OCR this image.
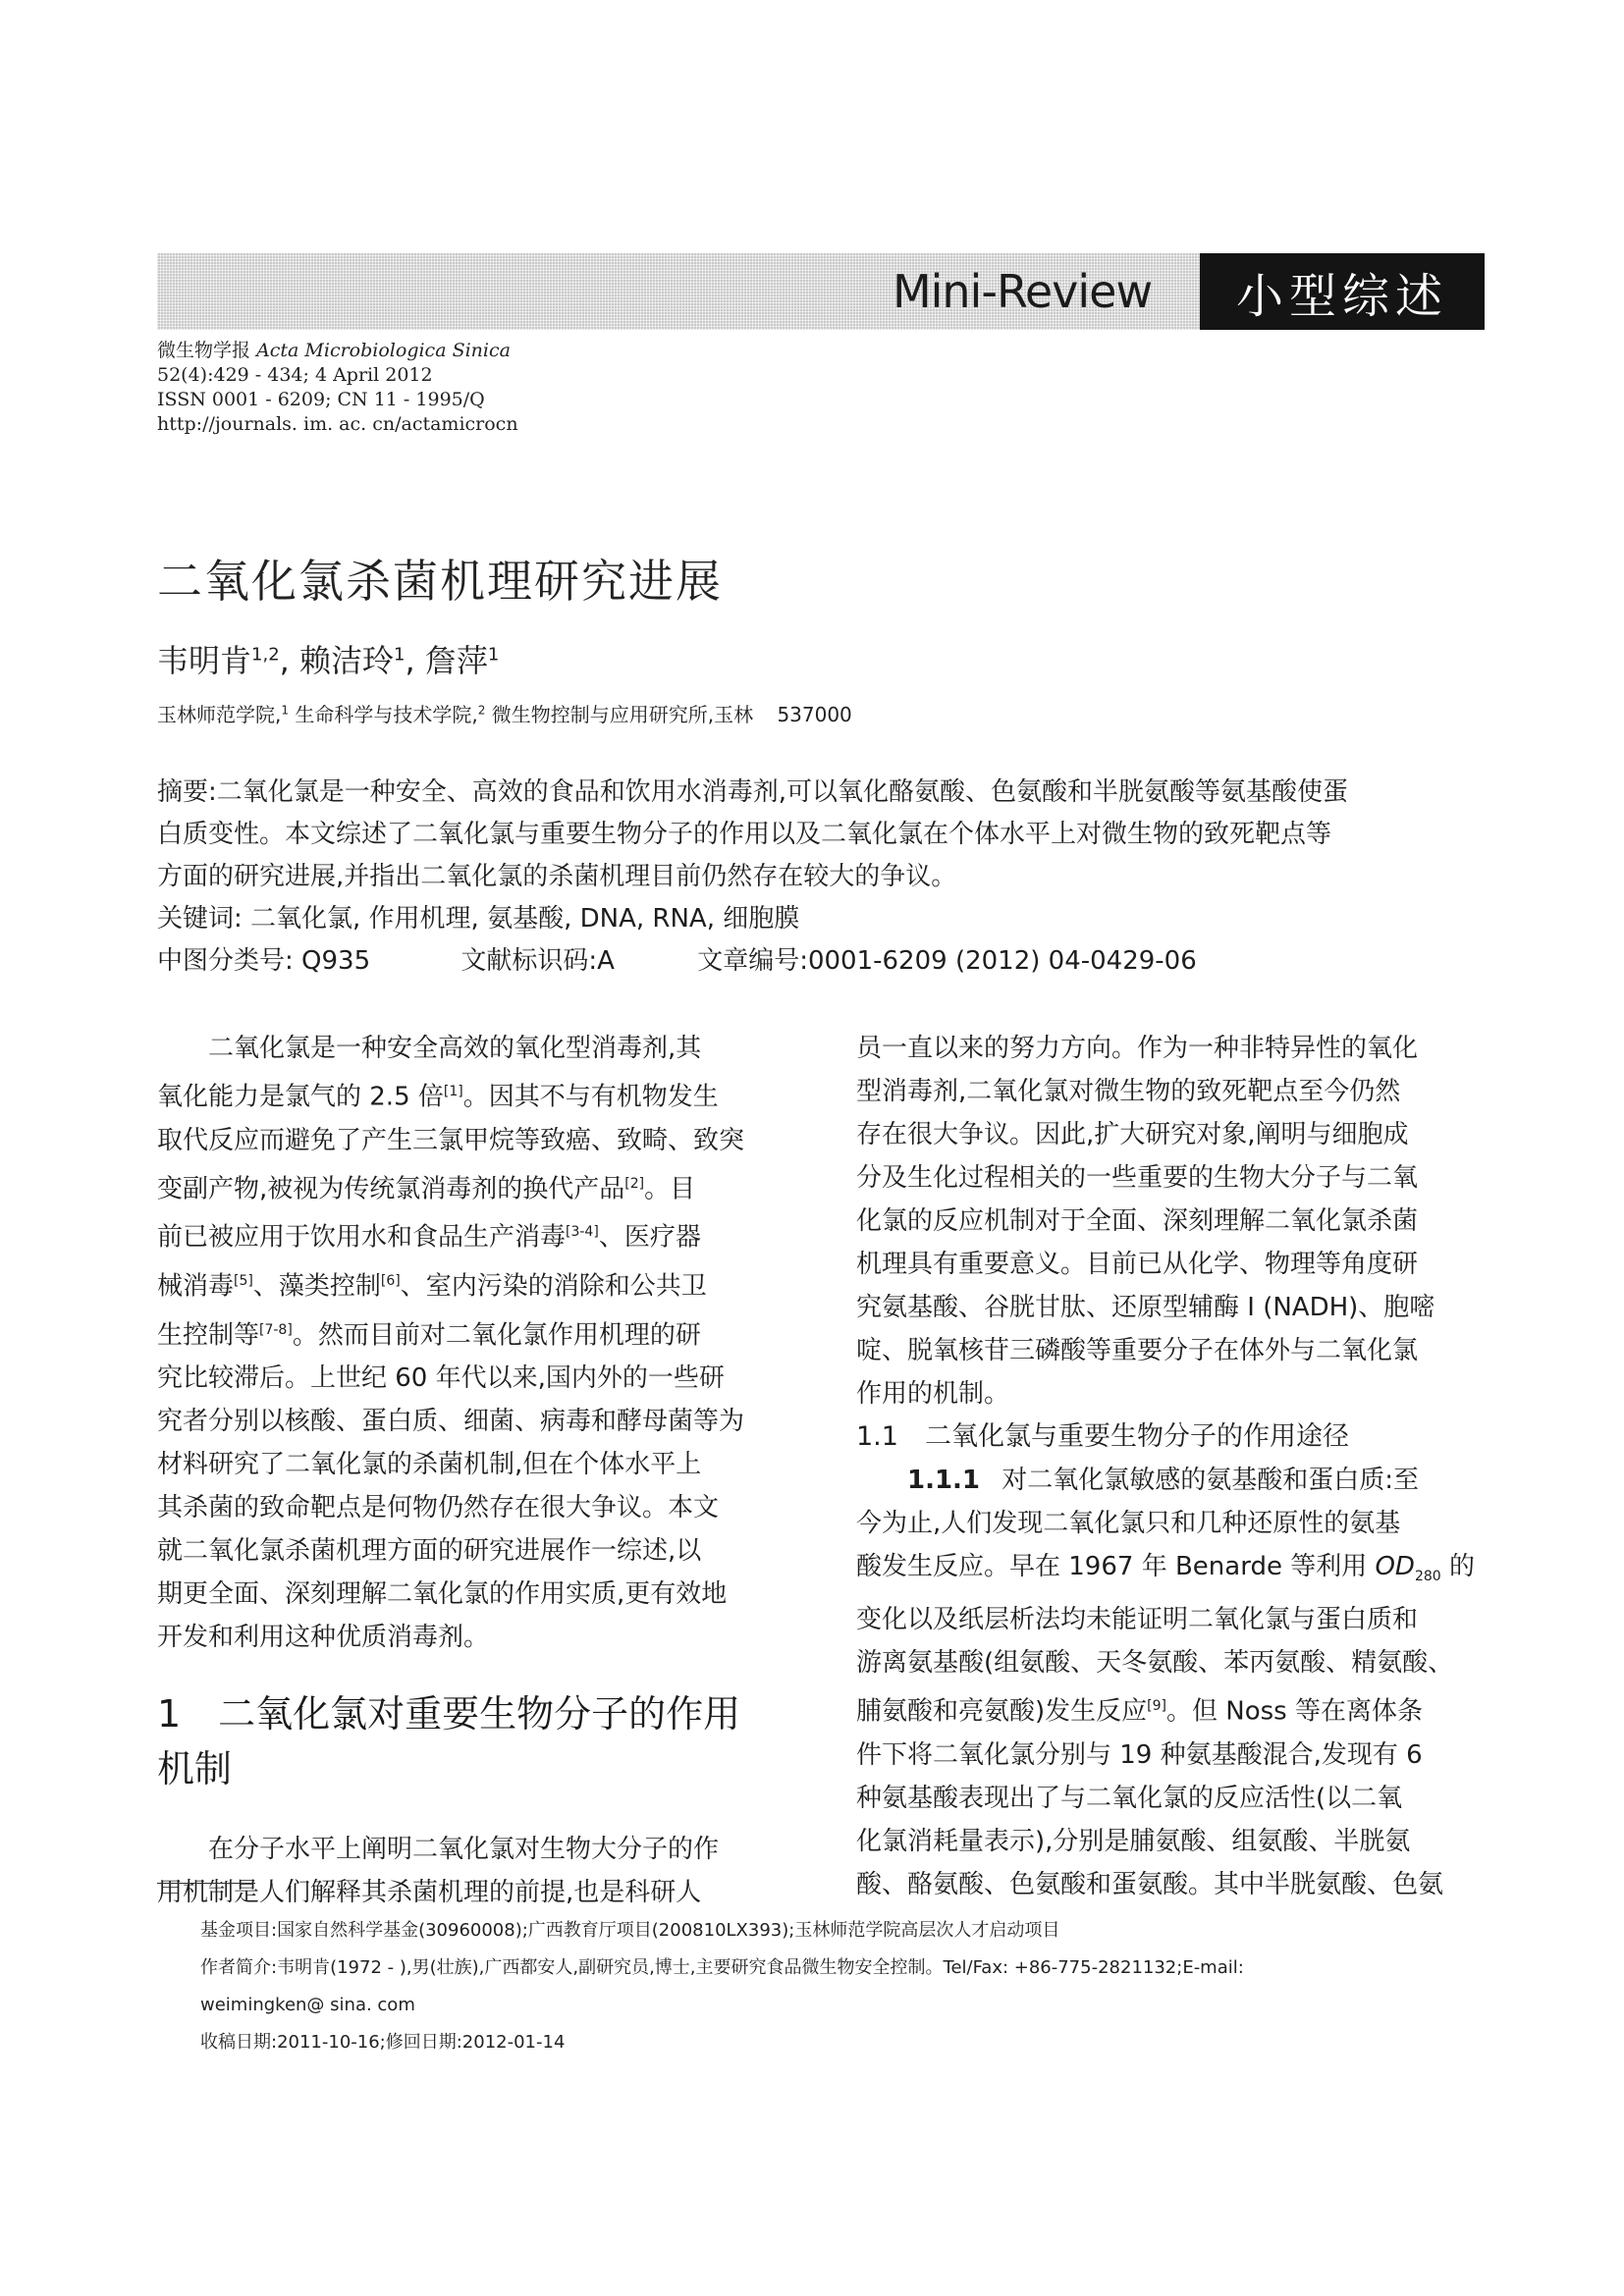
Mini-Review	小型综述
微生物学报 Acta Microbiologica Sinica
52(4):429 - 434; 4 April 2012
ISSN 0001 - 6209; CN 11 - 1995/Q
http://journals. im. ac. cn/actamicrocn
二氧化氯杀菌机理研究进展
韦明肯$^{1,2}$, 赖洁玲$^1$, 詹萍$^1$
玉林师范学院,$^1$ 生命科学与技术学院,$^2$ 微生物控制与应用研究所,玉林 537000
摘要:二氧化氯是一种安全、高效的食品和饮用水消毒剂,可以氧化酪氨酸、色氨酸和半胱氨酸等氨基酸使蛋
白质变性。本文综述了二氧化氯与重要生物分子的作用以及二氧化氯在个体水平上对微生物的致死靶点等
方面的研究进展,并指出二氧化氯的杀菌机理目前仍然存在较大的争议。
关键词: 二氧化氯, 作用机理, 氨基酸, DNA, RNA, 细胞膜
中图分类号: Q935	文献标识码:A	文章编号:0001-6209 (2012) 04-0429-06
二氧化氯是一种安全高效的氧化型消毒剂,其
氧化能力是氯气的 2.5 倍[1]。因其不与有机物发生
取代反应而避免了产生三氯甲烷等致癌、致畸、致突
变副产物,被视为传统氯消毒剂的换代产品[2]。目
前已被应用于饮用水和食品生产消毒[3-4]、医疗器
械消毒[5]、藻类控制[6]、室内污染的消除和公共卫
生控制等[7-8]。然而目前对二氧化氯作用机理的研
究比较滞后。上世纪 60 年代以来,国内外的一些研
究者分别以核酸、蛋白质、细菌、病毒和酵母菌等为
材料研究了二氧化氯的杀菌机制,但在个体水平上
其杀菌的致命靶点是何物仍然存在很大争议。本文
就二氧化氯杀菌机理方面的研究进展作一综述,以
期更全面、深刻理解二氧化氯的作用实质,更有效地
开发和利用这种优质消毒剂。
1　二氧化氯对重要生物分子的作用
机制
在分子水平上阐明二氧化氯对生物大分子的作
用机制是人们解释其杀菌机理的前提,也是科研人
员一直以来的努力方向。作为一种非特异性的氧化
型消毒剂,二氧化氯对微生物的致死靶点至今仍然
存在很大争议。因此,扩大研究对象,阐明与细胞成
分及生化过程相关的一些重要的生物大分子与二氧
化氯的反应机制对于全面、深刻理解二氧化氯杀菌
机理具有重要意义。目前已从化学、物理等角度研
究氨基酸、谷胱甘肽、还原型辅酶 I (NADH)、胞嘧
啶、脱氧核苷三磷酸等重要分子在体外与二氧化氯
作用的机制。
1.1　二氧化氯与重要生物分子的作用途径
1.1.1 对二氧化氯敏感的氨基酸和蛋白质:至
今为止,人们发现二氧化氯只和几种还原性的氨基
酸发生反应。早在 1967 年 Benarde 等利用 $OD_{280}$ 的
变化以及纸层析法均未能证明二氧化氯与蛋白质和
游离氨基酸(组氨酸、天冬氨酸、苯丙氨酸、精氨酸、
脯氨酸和亮氨酸)发生反应[9]。但 Noss 等在离体条
件下将二氧化氯分别与 19 种氨基酸混合,发现有 6
种氨基酸表现出了与二氧化氯的反应活性(以二氧
化氯消耗量表示),分别是脯氨酸、组氨酸、半胱氨
酸、酪氨酸、色氨酸和蛋氨酸。其中半胱氨酸、色氨
基金项目:国家自然科学基金(30960008);广西教育厅项目(200810LX393);玉林师范学院高层次人才启动项目
作者简介:韦明肯(1972 - ),男(壮族),广西都安人,副研究员,博士,主要研究食品微生物安全控制。Tel/Fax: +86-775-2821132;E-mail:
weimingken@ sina. com
收稿日期:2011-10-16;修回日期:2012-01-14
